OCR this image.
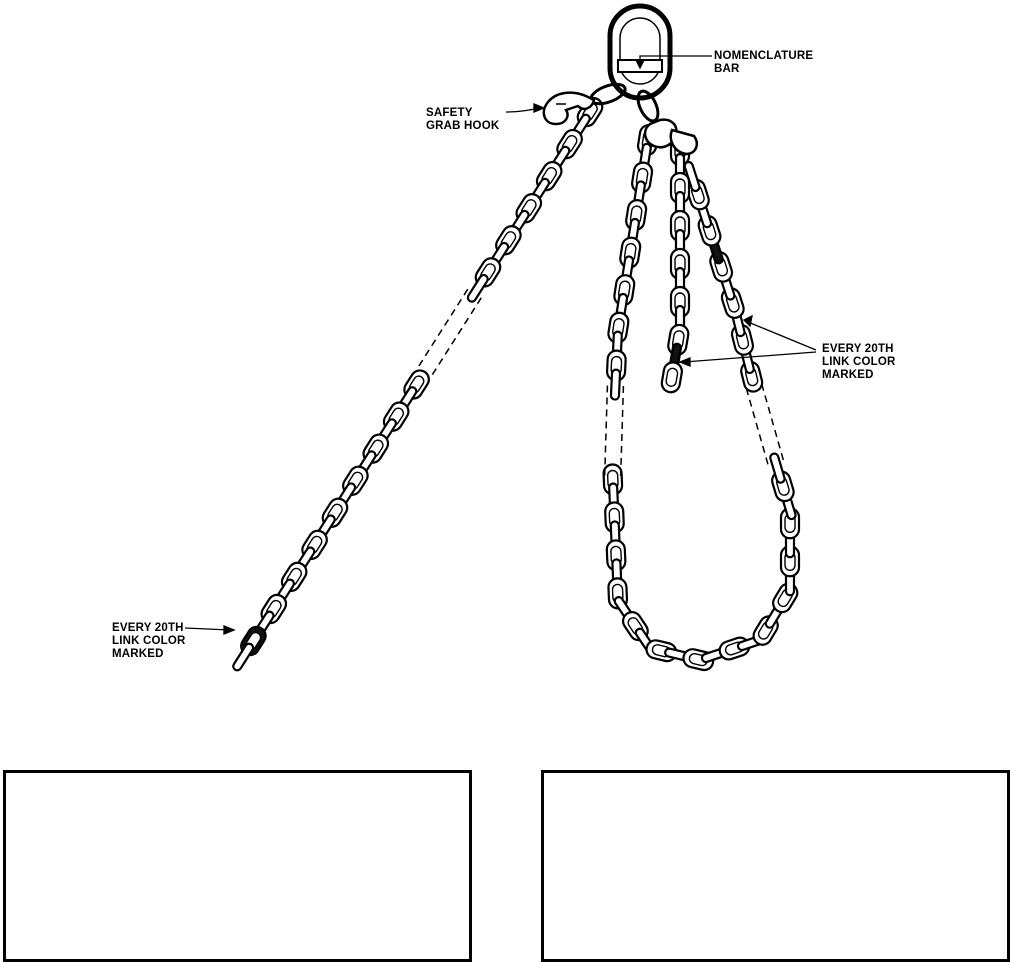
NOMENCLATURE
BAR
SAFETY
GRAB HOOK
EVERY 20TH
LINK COLOR
MARKED
EVERY 20TH
LINK COLOR
MARKED
